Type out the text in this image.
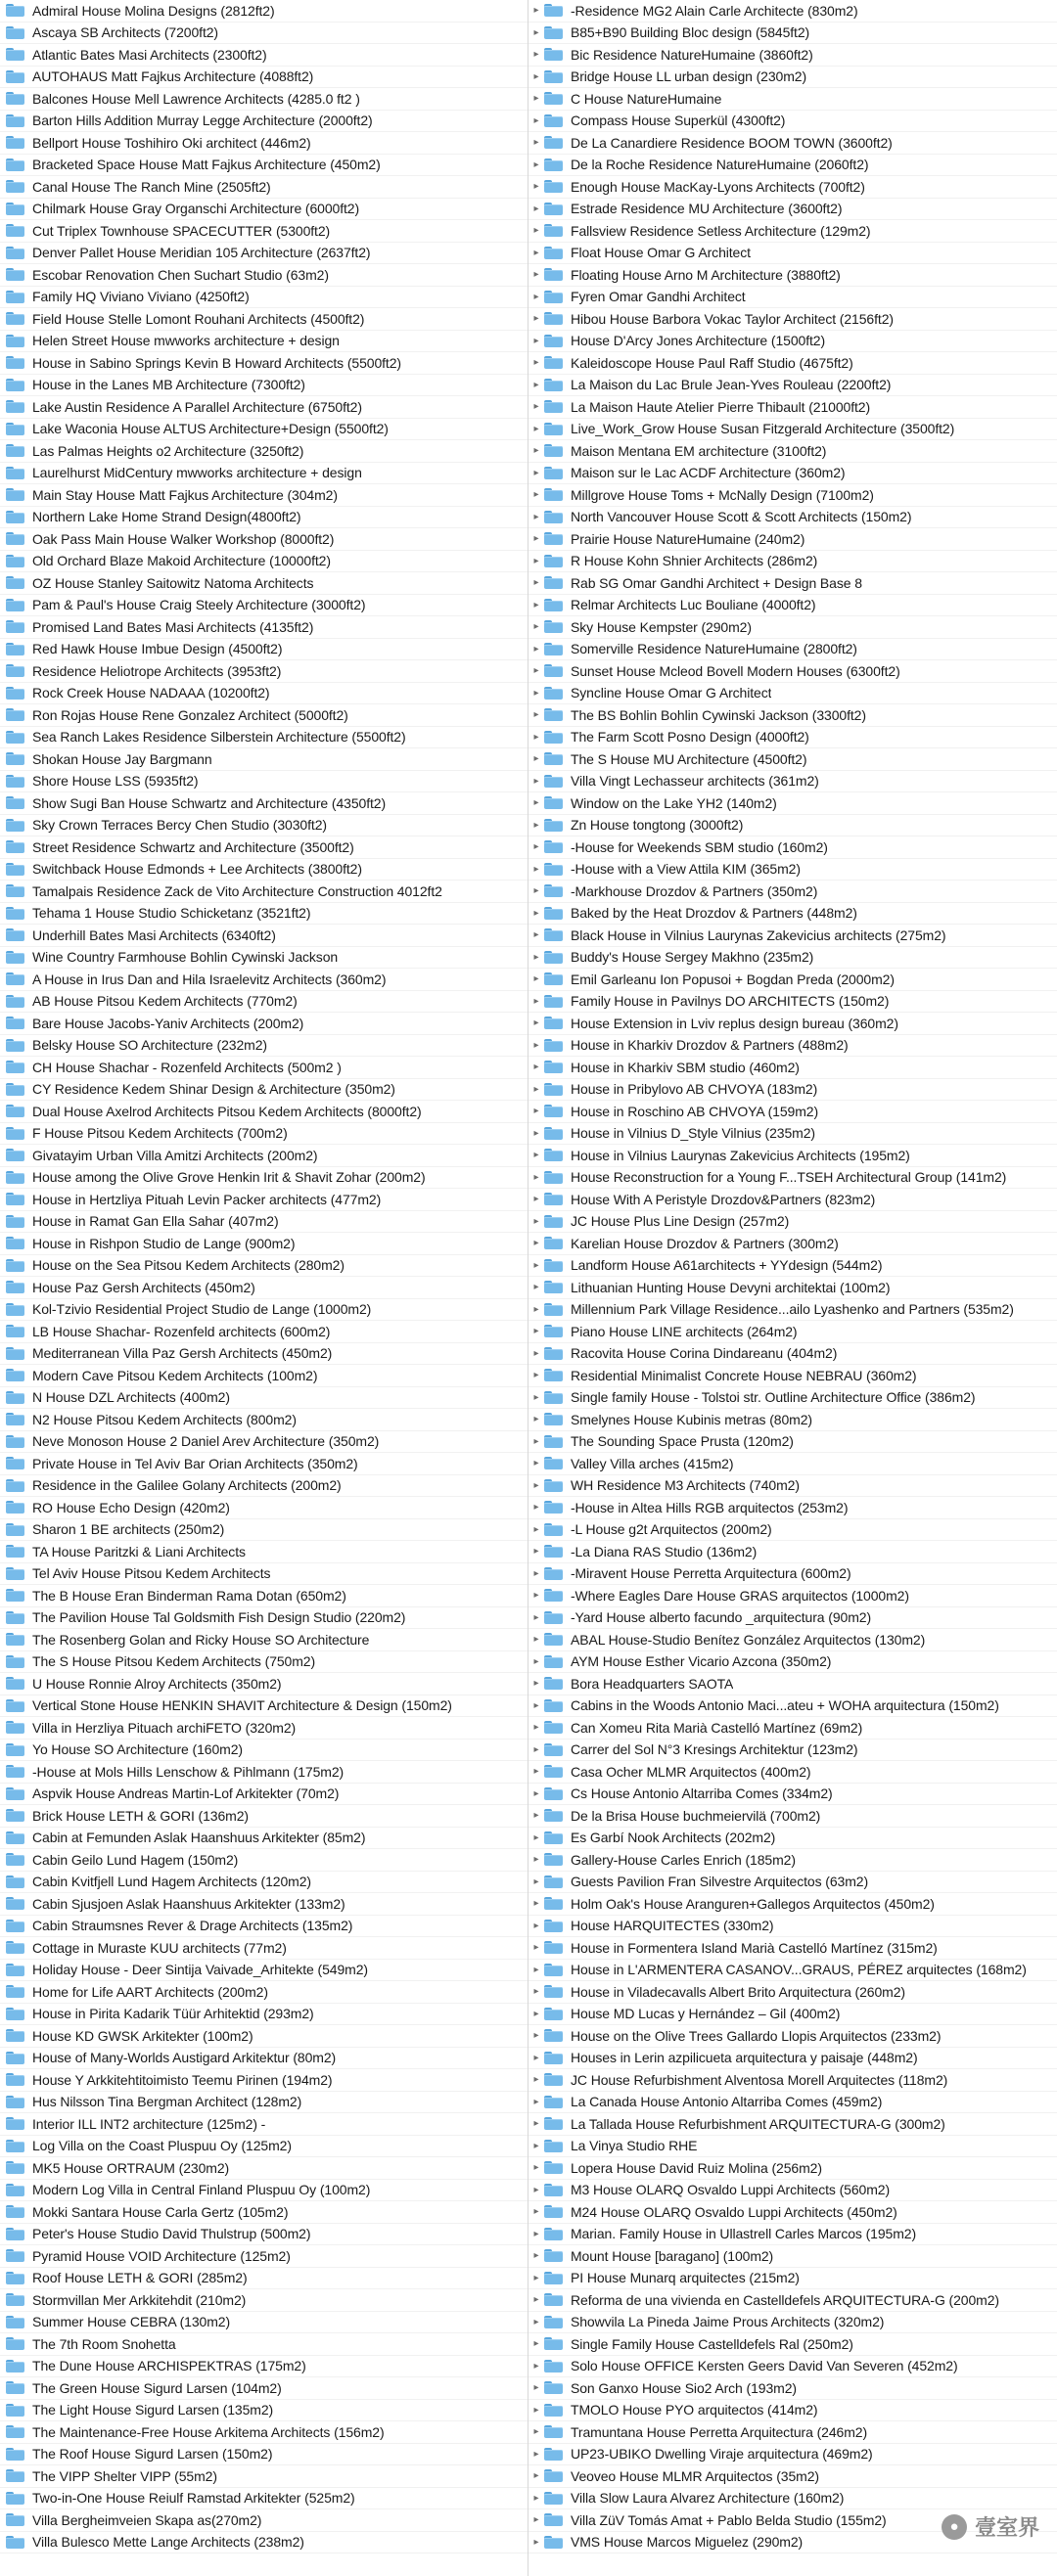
Admiral House Molina Designs (2812ft2)
Ascaya SB Architects (7200ft2)
Atlantic Bates Masi Architects (2300ft2)
AUTOHAUS Matt Fajkus Architecture (4088ft2)
Balcones House Mell Lawrence Architects (4285.0 ft2 )
Barton Hills Addition Murray Legge Architecture (2000ft2)
Bellport House Toshihiro Oki architect (446m2)
Bracketed Space House Matt Fajkus Architecture (450m2)
Canal House The Ranch Mine (2505ft2)
Chilmark House Gray Organschi Architecture (6000ft2)
Cut Triplex Townhouse SPACECUTTER (5300ft2)
Denver Pallet House Meridian 105 Architecture (2637ft2)
Escobar Renovation Chen Suchart Studio (63m2)
Family HQ Viviano Viviano (4250ft2)
Field House Stelle Lomont Rouhani Architects (4500ft2)
Helen Street House mwworks architecture + design
House in Sabino Springs Kevin B Howard Architects (5500ft2)
House in the Lanes MB Architecture (7300ft2)
Lake Austin Residence A Parallel Architecture (6750ft2)
Lake Waconia House ALTUS Architecture+Design (5500ft2)
Las Palmas Heights o2 Architecture (3250ft2)
Laurelhurst MidCentury mwworks architecture + design
Main Stay House Matt Fajkus Architecture (304m2)
Northern Lake Home Strand Design(4800ft2)
Oak Pass Main House Walker Workshop (8000ft2)
Old Orchard Blaze Makoid Architecture (10000ft2)
OZ House Stanley Saitowitz Natoma Architects
Pam & Paul's House Craig Steely Architecture (3000ft2)
Promised Land Bates Masi Architects (4135ft2)
Red Hawk House Imbue Design (4500ft2)
Residence Heliotrope Architects (3953ft2)
Rock Creek House NADAAA (10200ft2)
Ron Rojas House Rene Gonzalez Architect (5000ft2)
Sea Ranch Lakes Residence Silberstein Architecture (5500ft2)
Shokan House Jay Bargmann
Shore House LSS (5935ft2)
Show Sugi Ban House Schwartz and Architecture (4350ft2)
Sky Crown Terraces Bercy Chen Studio (3030ft2)
Street Residence Schwartz and Architecture (3500ft2)
Switchback House Edmonds + Lee Architects (3800ft2)
Tamalpais Residence Zack de Vito Architecture Construction 4012ft2
Tehama 1 House Studio Schicketanz (3521ft2)
Underhill Bates Masi Architects (6340ft2)
Wine Country Farmhouse Bohlin Cywinski Jackson
A House in Irus Dan and Hila Israelevitz Architects (360m2)
AB House Pitsou Kedem Architects (770m2)
Bare House Jacobs-Yaniv Architects (200m2)
Belsky House SO Architecture (232m2)
CH House Shachar - Rozenfeld Architects (500m2 )
CY Residence Kedem Shinar Design & Architecture (350m2)
Dual House Axelrod Architects Pitsou Kedem Architects (8000ft2)
F House Pitsou Kedem Architects (700m2)
Givatayim Urban Villa Amitzi Architects (200m2)
House among the Olive Grove Henkin Irit & Shavit Zohar (200m2)
House in Hertzliya Pituah Levin Packer architects (477m2)
House in Ramat Gan Ella Sahar (407m2)
House in Rishpon Studio de Lange (900m2)
House on the Sea Pitsou Kedem Architects (280m2)
House Paz Gersh Architects (450m2)
Kol-Tzivio Residential Project Studio de Lange (1000m2)
LB House Shachar- Rozenfeld architects (600m2)
Mediterranean Villa Paz Gersh Architects (450m2)
Modern Cave Pitsou Kedem Architects (100m2)
N House DZL Architects (400m2)
N2 House Pitsou Kedem Architects (800m2)
Neve Monoson House 2 Daniel Arev Architecture (350m2)
Private House in Tel Aviv Bar Orian Architects (350m2)
Residence in the Galilee Golany Architects (200m2)
RO House Echo Design (420m2)
Sharon 1 BE architects (250m2)
TA House Paritzki & Liani Architects
Tel Aviv House Pitsou Kedem Architects
The B House Eran Binderman Rama Dotan (650m2)
The Pavilion House Tal Goldsmith Fish Design Studio (220m2)
The Rosenberg Golan and Ricky House SO Architecture
The S House Pitsou Kedem Architects (750m2)
U House Ronnie Alroy Architects (350m2)
Vertical Stone House HENKIN SHAVIT Architecture & Design (150m2)
Villa in Herzliya Pituach archiFETO (320m2)
Yo House SO Architecture (160m2)
-House at Mols Hills Lenschow & Pihlmann (175m2)
Aspvik House Andreas Martin-Lof Arkitekter (70m2)
Brick House LETH & GORI (136m2)
Cabin at Femunden Aslak Haanshuus Arkitekter (85m2)
Cabin Geilo Lund Hagem (150m2)
Cabin Kvitfjell Lund Hagem Architects (120m2)
Cabin Sjusjoen Aslak Haanshuus Arkitekter (133m2)
Cabin Straumsnes Rever & Drage Architects (135m2)
Cottage in Muraste KUU architects (77m2)
Holiday House - Deer Sintija Vaivade_Arhitekte (549m2)
Home for Life AART Architects (200m2)
House in Pirita Kadarik Tüür Arhitektid (293m2)
House KD GWSK Arkitekter (100m2)
House of Many-Worlds Austigard Arkitektur (80m2)
House Y Arkkitehtitoimisto Teemu Pirinen (194m2)
Hus Nilsson Tina Bergman Architect (128m2)
Interior ILL INT2 architecture (125m2) -
Log Villa on the Coast Pluspuu Oy (125m2)
MK5 House ORTRAUM (230m2)
Modern Log Villa in Central Finland Pluspuu Oy (100m2)
Mokki Santara House Carla Gertz (105m2)
Peter's House Studio David Thulstrup (500m2)
Pyramid House VOID Architecture (125m2)
Roof House LETH & GORI (285m2)
Stormvillan Mer Arkkitehdit (210m2)
Summer House CEBRA (130m2)
The 7th Room Snohetta
The Dune House ARCHISPEKTRAS (175m2)
The Green House Sigurd Larsen (104m2)
The Light House Sigurd Larsen (135m2)
The Maintenance-Free House Arkitema Architects (156m2)
The Roof House Sigurd Larsen (150m2)
The VIPP Shelter VIPP (55m2)
Two-in-One House Reiulf Ramstad Arkitekter (525m2)
Villa Bergheimveien Skapa as(270m2)
Villa Bulesco Mette Lange Architects (238m2)
▸ -Residence MG2 Alain Carle Architecte (830m2)
▸ B85+B90 Building Bloc design (5845ft2)
▸ Bic Residence NatureHumaine (3860ft2)
▸ Bridge House LL urban design (230m2)
▸ C House NatureHumaine
▸ Compass House Superkül (4300ft2)
▸ De La Canardiere Residence BOOM TOWN (3600ft2)
▸ De la Roche Residence NatureHumaine (2060ft2)
▸ Enough House MacKay-Lyons Architects (700ft2)
▸ Estrade Residence MU Architecture (3600ft2)
▸ Fallsview Residence Setless Architecture (129m2)
▸ Float House Omar G Architect
▸ Floating House Arno M Architecture (3880ft2)
▸ Fyren Omar Gandhi Architect
▸ Hibou House Barbora Vokac Taylor Architect (2156ft2)
▸ House D'Arcy Jones Architecture (1500ft2)
▸ Kaleidoscope House Paul Raff Studio (4675ft2)
▸ La Maison du Lac Brule Jean-Yves Rouleau (2200ft2)
▸ La Maison Haute Atelier Pierre Thibault (21000ft2)
▸ Live_Work_Grow House Susan Fitzgerald Architecture (3500ft2)
▸ Maison Mentana EM architecture (3100ft2)
▸ Maison sur le Lac ACDF Architecture (360m2)
▸ Millgrove House Toms + McNally Design (7100m2)
▸ North Vancouver House Scott & Scott Architects (150m2)
▸ Prairie House NatureHumaine (240m2)
▸ R House Kohn Shnier Architects (286m2)
▸ Rab SG Omar Gandhi Architect + Design Base 8
▸ Relmar Architects Luc Bouliane (4000ft2)
▸ Sky House Kempster (290m2)
▸ Somerville Residence NatureHumaine (2800ft2)
▸ Sunset House Mcleod Bovell Modern Houses (6300ft2)
▸ Syncline House Omar G Architect
▸ The BS Bohlin Bohlin Cywinski Jackson (3300ft2)
▸ The Farm Scott Posno Design (4000ft2)
▸ The S House MU Architecture (4500ft2)
▸ Villa Vingt Lechasseur architects (361m2)
▸ Window on the Lake YH2 (140m2)
▸ Zn House tongtong (3000ft2)
▸ -House for Weekends SBM studio (160m2)
▸ -House with a View Attila KIM (365m2)
▸ -Markhouse Drozdov & Partners (350m2)
▸ Baked by the Heat Drozdov & Partners (448m2)
▸ Black House in Vilnius Laurynas Zakevicius architects (275m2)
▸ Buddy's House Sergey Makhno (235m2)
▸ Emil Garleanu Ion Popusoi + Bogdan Preda (2000m2)
▸ Family House in Pavilnys DO ARCHITECTS (150m2)
▸ House Extension in Lviv replus design bureau (360m2)
▸ House in Kharkiv Drozdov & Partners (488m2)
▸ House in Kharkiv SBM studio (460m2)
▸ House in Pribylovo AB CHVOYA (183m2)
▸ House in Roschino AB CHVOYA (159m2)
▸ House in Vilnius D_Style Vilnius (235m2)
▸ House in Vilnius Laurynas Zakevicius Architects (195m2)
▸ House Reconstruction for a Young F...TSEH Architectural Group (141m2)
▸ House With A Peristyle Drozdov&Partners (823m2)
▸ JC House Plus Line Design (257m2)
▸ Karelian House Drozdov & Partners (300m2)
▸ Landform House A61architects + YYdesign (544m2)
▸ Lithuanian Hunting House Devyni architektai (100m2)
▸ Millennium Park Village Residence...ailo Lyashenko and Partners (535m2)
▸ Piano House LINE architects (264m2)
▸ Racovita House Corina Dindareanu (404m2)
▸ Residential Minimalist Concrete House NEBRAU (360m2)
▸ Single family House - Tolstoi str. Outline Architecture Office (386m2)
▸ Smelynes House Kubinis metras (80m2)
▸ The Sounding Space Prusta (120m2)
▸ Valley Villa arches (415m2)
▸ WH Residence M3 Architects (740m2)
▸ -House in Altea Hills RGB arquitectos (253m2)
▸ -L House g2t Arquitectos (200m2)
▸ -La Diana RAS Studio (136m2)
▸ -Miravent House Perretta Arquitectura (600m2)
▸ -Where Eagles Dare House GRAS arquitectos (1000m2)
▸ -Yard House alberto facundo _arquitectura (90m2)
▸ ABAL House-Studio Benítez González Arquitectos (130m2)
▸ AYM House Esther Vicario Azcona (350m2)
▸ Bora Headquarters SAOTA
▸ Cabins in the Woods Antonio Maci...ateu + WOHA arquitectura (150m2)
▸ Can Xomeu Rita Marià Castelló Martínez (69m2)
▸ Carrer del Sol N°3 Kresings Architektur (123m2)
▸ Casa Ocher MLMR Arquitectos (400m2)
▸ Cs House Antonio Altarriba Comes (334m2)
▸ De la Brisa House buchmeiervilä (700m2)
▸ Es Garbí Nook Architects (202m2)
▸ Gallery-House Carles Enrich (185m2)
▸ Guests Pavilion Fran Silvestre Arquitectos (63m2)
▸ Holm Oak's House Aranguren+Gallegos Arquitectos (450m2)
▸ House HARQUITECTES (330m2)
▸ House in Formentera Island Marià Castelló Martínez (315m2)
▸ House in L'ARMENTERA CASANOV...GRAUS, PÉREZ arquitectes (168m2)
▸ House in Viladecavalls Albert Brito Arquitectura (260m2)
▸ House MD Lucas y Hernández – Gil (400m2)
▸ House on the Olive Trees Gallardo Llopis Arquitectos (233m2)
▸ Houses in Lerin azpilicueta arquitectura y paisaje (448m2)
▸ JC House Refurbishment Alventosa Morell Arquitectes (118m2)
▸ La Canada House Antonio Altarriba Comes (459m2)
▸ La Tallada House Refurbishment ARQUITECTURA-G (300m2)
▸ La Vinya Studio RHE
▸ Lopera House David Ruiz Molina (256m2)
▸ M3 House OLARQ Osvaldo Luppi Architects (560m2)
▸ M24 House OLARQ Osvaldo Luppi Architects (450m2)
▸ Marian. Family House in Ullastrell Carles Marcos (195m2)
▸ Mount House [baragano] (100m2)
▸ PI House Munarq arquitectes (215m2)
▸ Reforma de una vivienda en Castelldefels ARQUITECTURA-G (200m2)
▸ Showvila La Pineda Jaime Prous Architects (320m2)
▸ Single Family House Castelldefels Ral (250m2)
▸ Solo House OFFICE Kersten Geers David Van Severen (452m2)
▸ Son Ganxo House Sio2 Arch (193m2)
▸ TMOLO House PYO arquitectos (414m2)
▸ Tramuntana House Perretta Arquitectura (246m2)
▸ UP23-UBIKO Dwelling Viraje arquitectura (469m2)
▸ Veoveo House MLMR Arquitectos (35m2)
▸ Villa Slow Laura Alvarez Architecture (160m2)
▸ Villa ZüV Tomás Amat + Pablo Belda Studio (155m2)
▸ VMS House Marcos Miguelez (290m2)
● 壹室界
